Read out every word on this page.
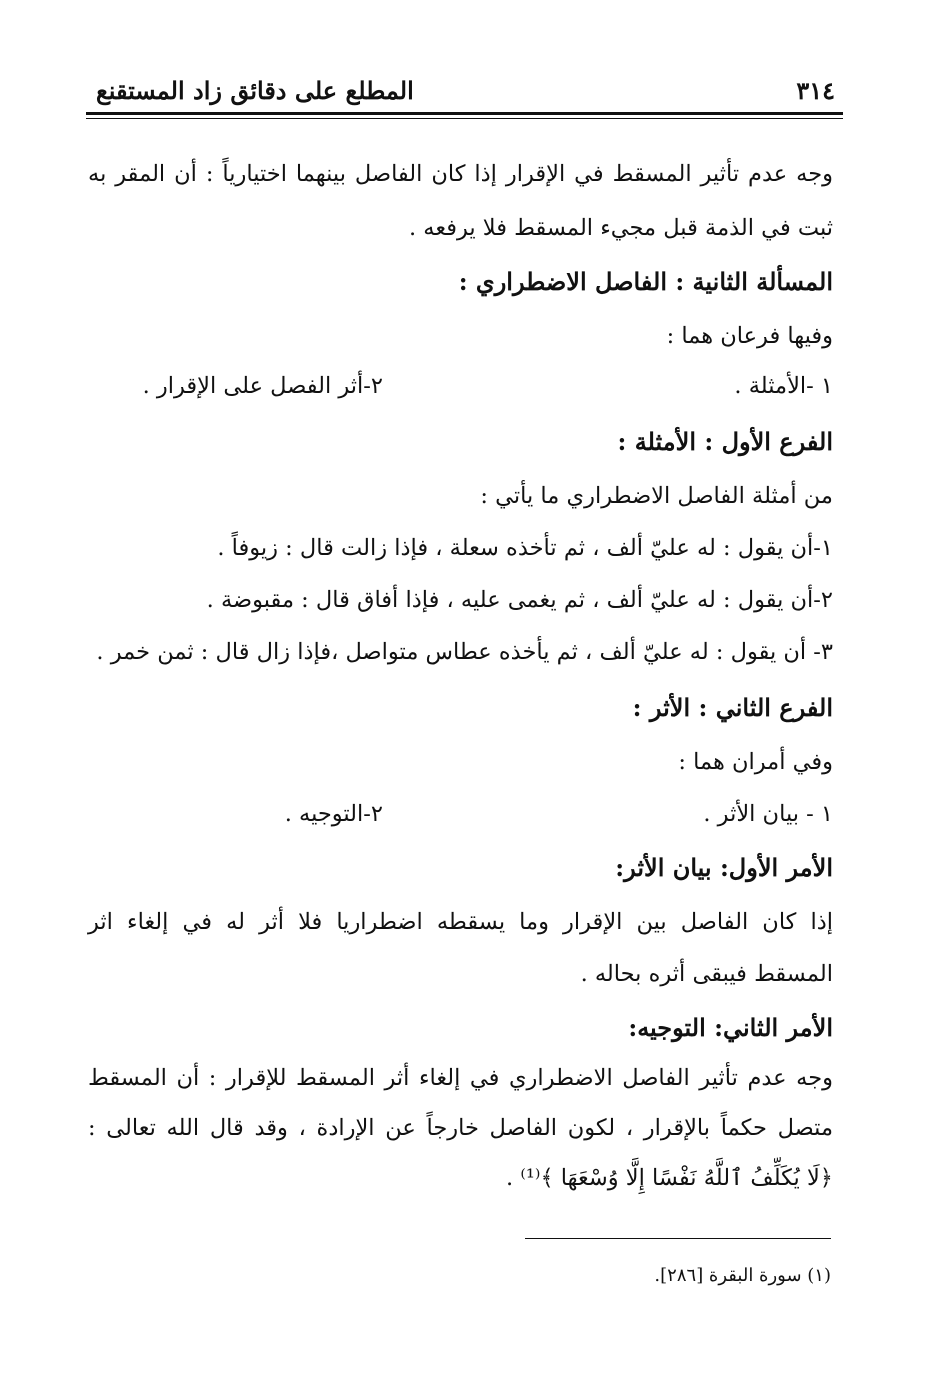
٣١٤
المطلع على دقائق زاد المستقنع
وجه عدم تأثير المسقط في الإقرار إذا كان الفاصل بينهما اختيارياً : أن المقر به
ثبت في الذمة قبل مجيء المسقط فلا يرفعه .
المسألة الثانية : الفاصل الاضطراري :
وفيها فرعان هما :
١ -الأمثلة .
٢-أثر الفصل على الإقرار .
الفرع الأول : الأمثلة :
من أمثلة الفاصل الاضطراري ما يأتي :
١-أن يقول : له عليّ ألف ، ثم تأخذه سعلة ، فإذا زالت قال : زيوفاً .
٢-أن يقول : له عليّ ألف ، ثم يغمى عليه ، فإذا أفاق قال : مقبوضة .
٣- أن يقول : له عليّ ألف ، ثم يأخذه عطاس متواصل ،فإذا زال قال : ثمن خمر .
الفرع الثاني : الأثر :
وفي أمران هما :
١ - بيان الأثر .
٢-التوجيه .
الأمر الأول: بيان الأثر:
إذا كان الفاصل بين الإقرار وما يسقطه اضطراريا فلا أثر له في إلغاء اثر
المسقط فيبقى أثره بحاله .
الأمر الثاني: التوجيه:
وجه عدم تأثير الفاصل الاضطراري في إلغاء أثر المسقط للإقرار : أن المسقط
متصل حكماً بالإقرار ، لكون الفاصل خارجاً عن الإرادة ، وقد قال الله تعالى :
﴿لَا يُكَلِّفُ ٱللَّهُ نَفْسًا إِلَّا وُسْعَهَا ﴾⁽¹⁾ .
(١) سورة البقرة [٢٨٦].
